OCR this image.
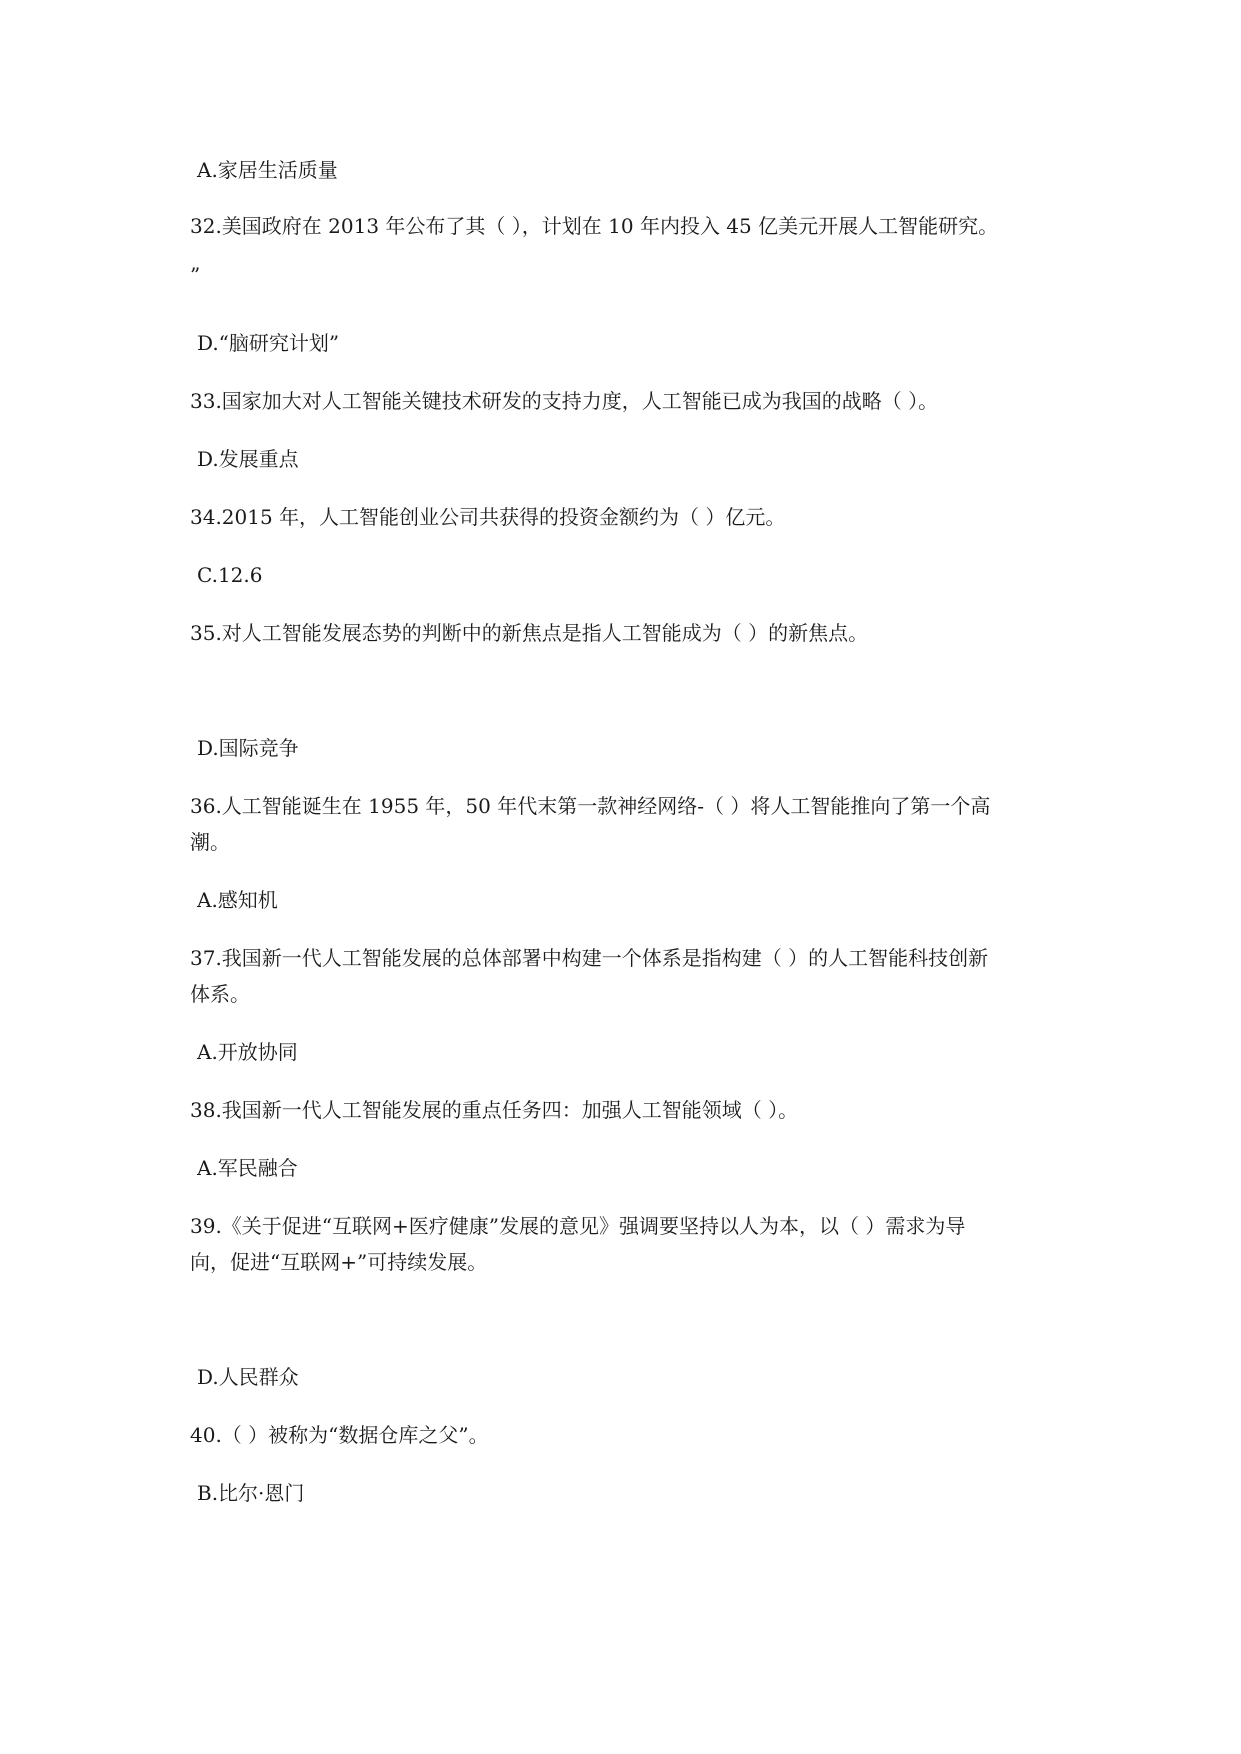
A.家居生活质量
32.美国政府在 2013 年公布了其（ ），计划在 10 年内投入 45 亿美元开展人工智能研究。
”
D.“脑研究计划”
33.国家加大对人工智能关键技术研发的支持力度，人工智能已成为我国的战略（ ）。
D.发展重点
34.2015 年，人工智能创业公司共获得的投资金额约为（ ）亿元。
C.12.6
35.对人工智能发展态势的判断中的新焦点是指人工智能成为（ ）的新焦点。
D.国际竞争
36.人工智能诞生在 1955 年，50 年代末第一款神经网络-（ ）将人工智能推向了第一个高
潮。
A.感知机
37.我国新一代人工智能发展的总体部署中构建一个体系是指构建（ ）的人工智能科技创新
体系。
A.开放协同
38.我国新一代人工智能发展的重点任务四：加强人工智能领域（ ）。
A.军民融合
39.《关于促进“互联网+医疗健康”发展的意见》强调要坚持以人为本，以（ ）需求为导
向，促进“互联网+”可持续发展。
D.人民群众
40.（ ）被称为“数据仓库之父”。
B.比尔·恩门
